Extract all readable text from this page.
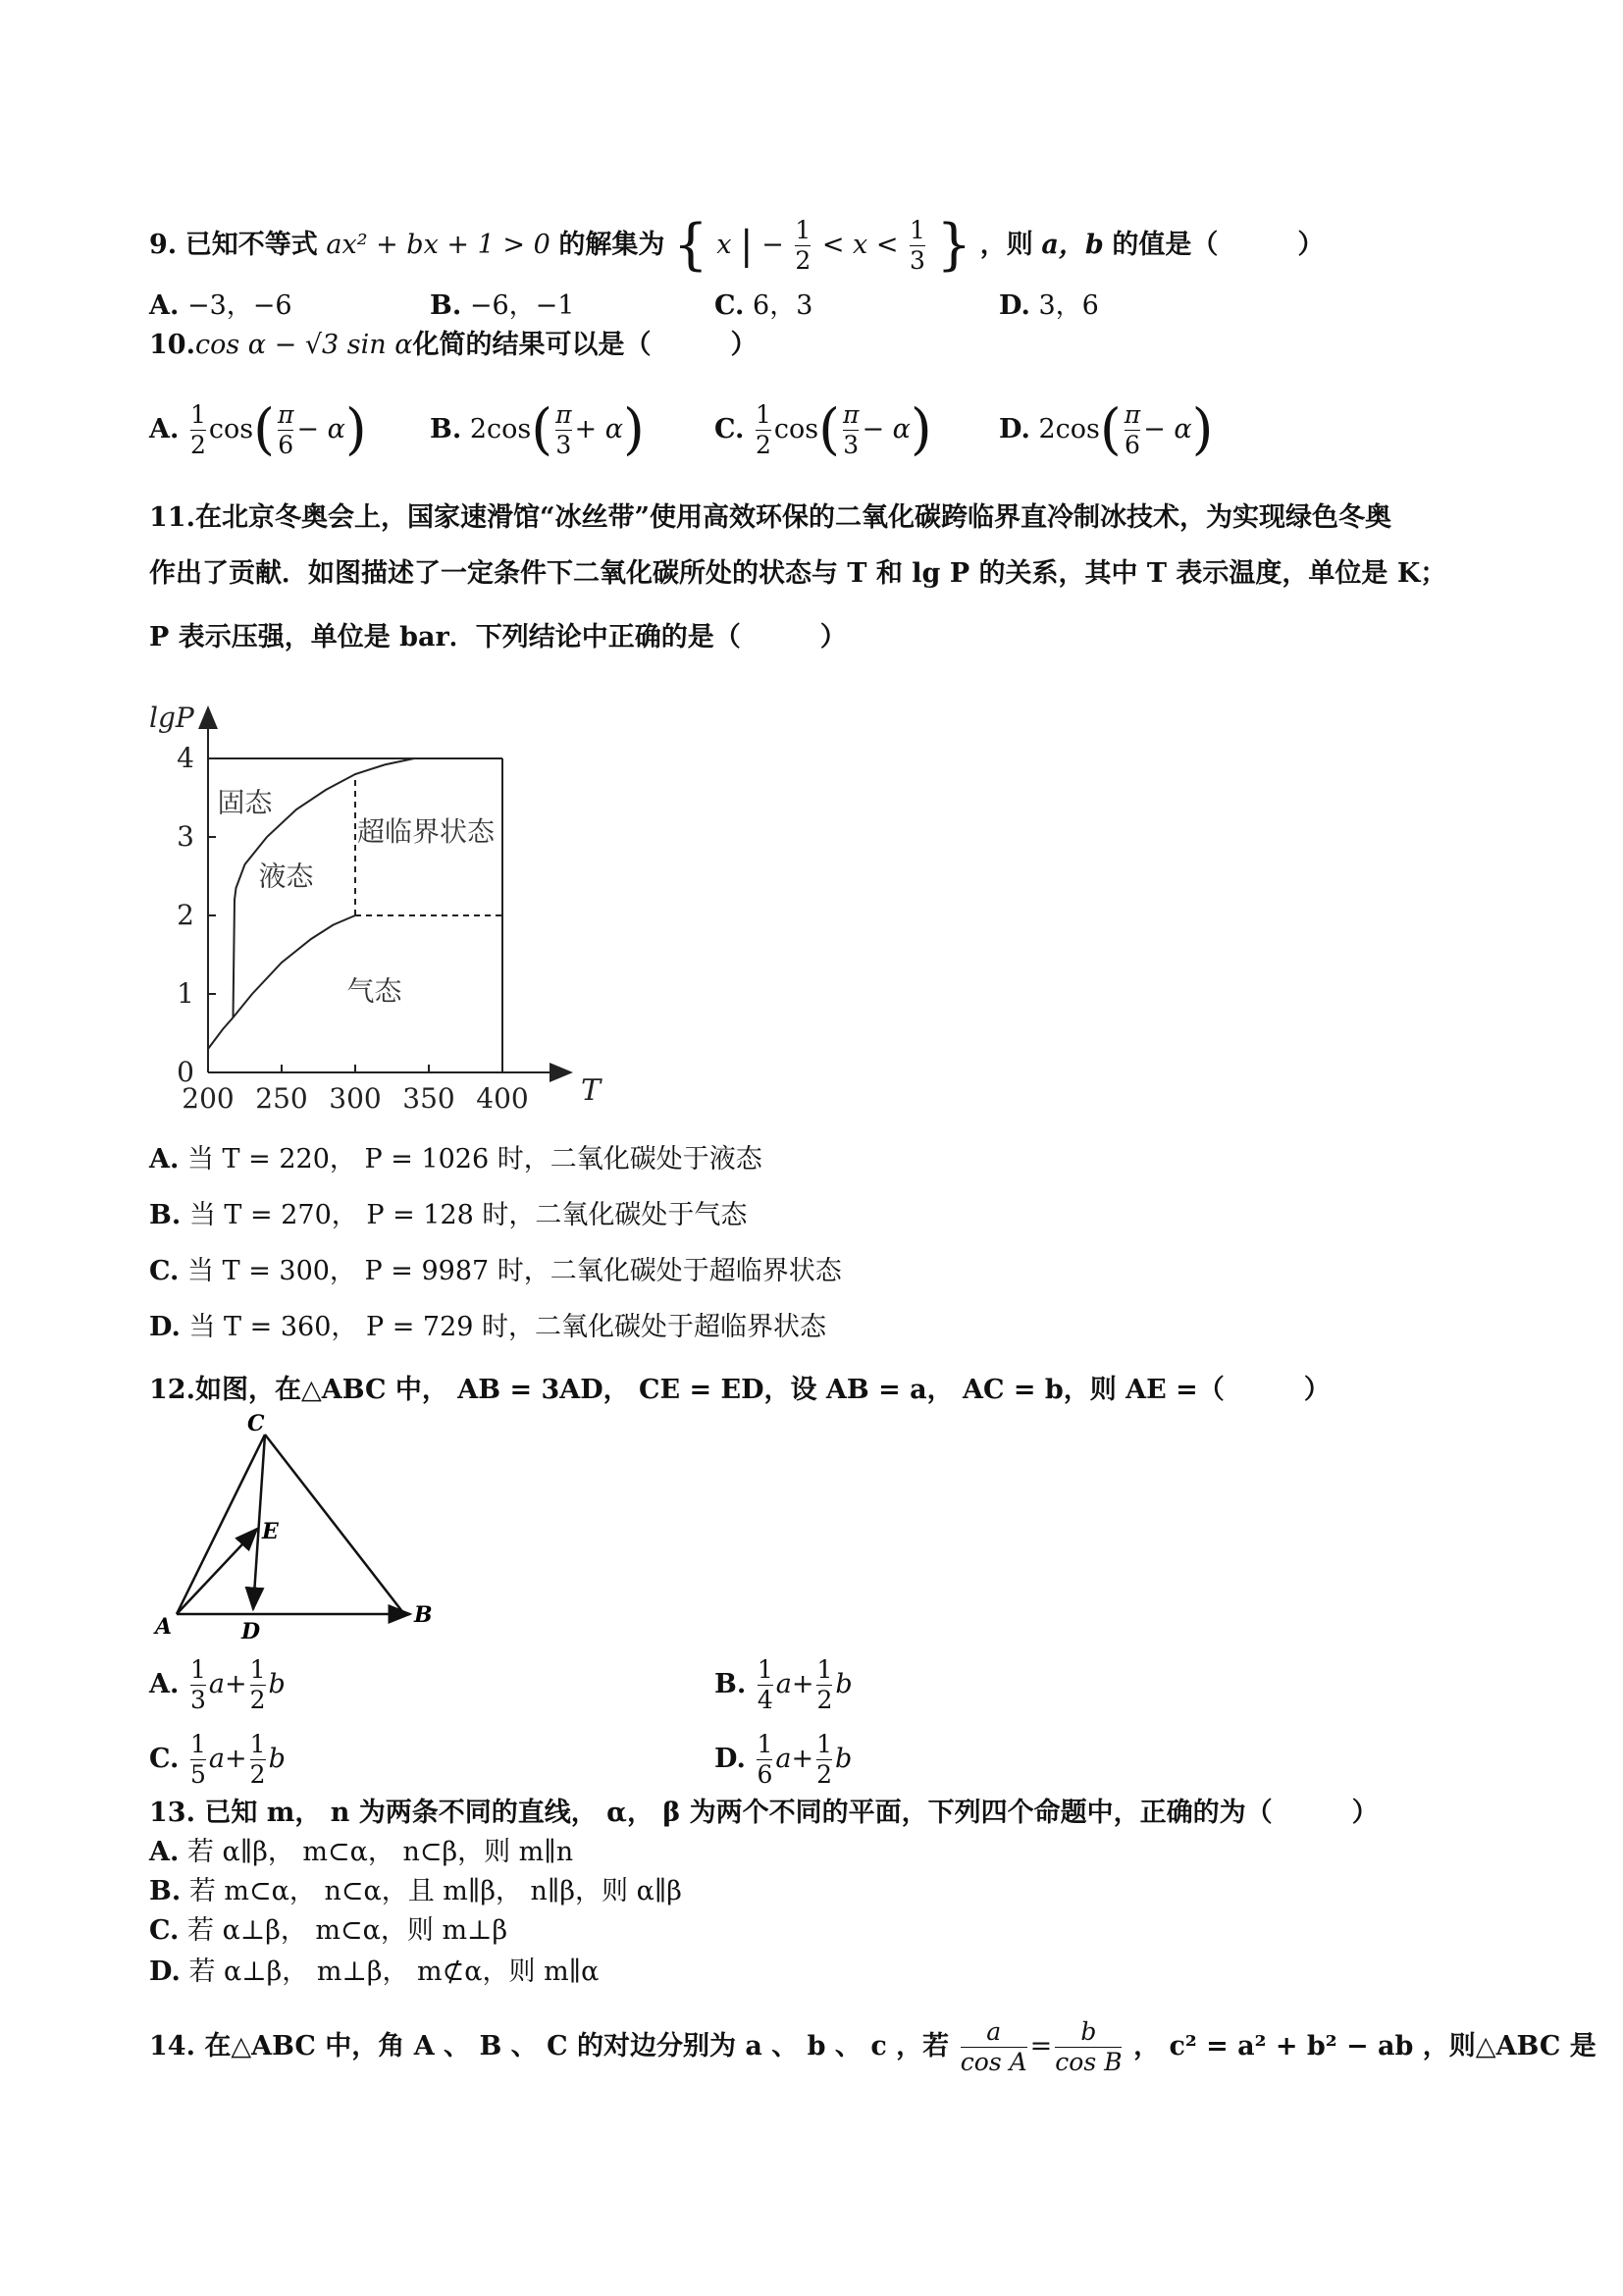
9. 已知不等式 ax² + bx + 1 > 0 的解集为 { x | − $\frac{1}{2} < x < \frac{1}{3}$ } ，则 a，b 的值是（　　　）
A. −3，−6	B. −6，−1	C. 6，3	D. 3，6
10.cos α − √3 sin α化简的结果可以是（　　　）
A. $\frac{1}{2} \cos( \frac{\pi}{6} - \alpha)$ B. $2\cos( \frac{\pi}{3} + \alpha)$	C. $\frac{1}{2} \cos( \frac{\pi}{3} - \alpha)$	D. $2\cos( \frac{\pi}{6} - \alpha)$
11.在北京冬奥会上，国家速滑馆“冰丝带”使用高效环保的二氧化碳跨临界直冷制冰技术，为实现绿色冬奥
作出了贡献．如图描述了一定条件下二氧化碳所处的状态与 T 和 lg P 的关系，其中 T 表示温度，单位是 K；
P 表示压强，单位是 bar．下列结论中正确的是（　　　）
200 250 300 350 400
0
1
2
3
4
T
lgP
固态
液态
超临界状态
气态
A. 当 T = 220， P = 1026 时，二氧化碳处于液态
B. 当 T = 270， P = 128 时，二氧化碳处于气态
C. 当 T = 300， P = 9987 时，二氧化碳处于超临界状态
D. 当 T = 360， P = 729 时，二氧化碳处于超临界状态
12.如图，在△ABC 中， AB = 3AD， CE = ED，设 AB = a， AC = b，则 AE =（　　　）
C
E
A	D
B
A. $\frac{1}{3} a+ \frac{1}{2}$ b	B. $\frac{1}{4} a+ \frac{1}{2}$ b
C. $\frac{1}{5} a+ \frac{1}{2}$ b	D. $\frac{1}{6} a+ \frac{1}{2}$ b
13. 已知 m， n 为两条不同的直线， α， β 为两个不同的平面，下列四个命题中，正确的为（　　　）
A. 若 α∥β， m⊂α， n⊂β，则 m∥n
B. 若 m⊂α， n⊂α，且 m∥β， n∥β，则 α∥β
C. 若 α⊥β， m⊂α，则 m⊥β
D. 若 α⊥β， m⊥β， m⊄α，则 m∥α
14. 在△ABC 中，角 A 、 B 、 C 的对边分别为 a 、 b 、 c ，若 $\frac{a}{\text{cos A}} = \frac{b}{\text{cos B}}$ ， c² = a² + b² − ab ，则△ABC 是
